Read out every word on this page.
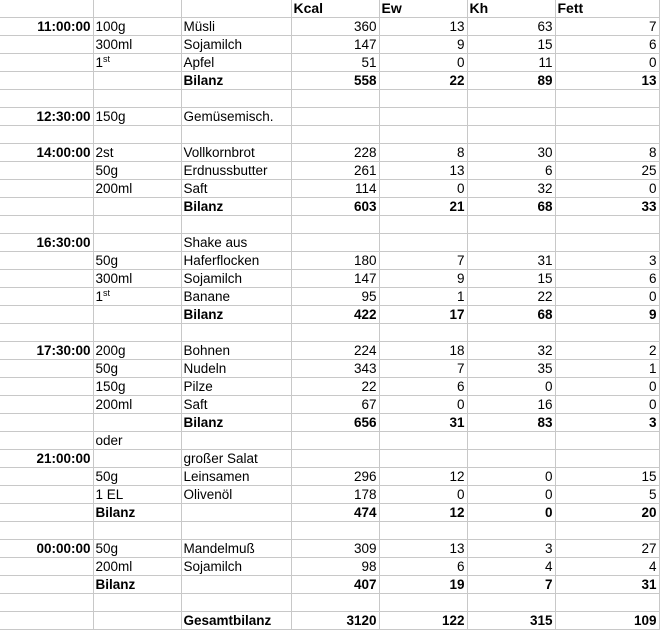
			Kcal	Ew	Kh	Fett
11:00:00	100g	Müsli	360	13	63	7
	300ml	Sojamilch	147	9	15	6
	1st	Apfel	51	0	11	0
		Bilanz	558	22	89	13

12:30:00	150g	Gemüsemisch.				

14:00:00	2st	Vollkornbrot	228	8	30	8
	50g	Erdnussbutter	261	13	6	25
	200ml	Saft	114	0	32	0
		Bilanz	603	21	68	33

16:30:00		Shake aus				
	50g	Haferflocken	180	7	31	3
	300ml	Sojamilch	147	9	15	6
	1st	Banane	95	1	22	0
		Bilanz	422	17	68	9

17:30:00	200g	Bohnen	224	18	32	2
	50g	Nudeln	343	7	35	1
	150g	Pilze	22	6	0	0
	200ml	Saft	67	0	16	0
		Bilanz	656	31	83	3
	oder					
21:00:00		großer Salat				
	50g	Leinsamen	296	12	0	15
	1 EL	Olivenöl	178	0	0	5
	Bilanz		474	12	0	20

00:00:00	50g	Mandelmuß	309	13	3	27
	200ml	Sojamilch	98	6	4	4
	Bilanz		407	19	7	31

		Gesamtbilanz	3120	122	315	109
